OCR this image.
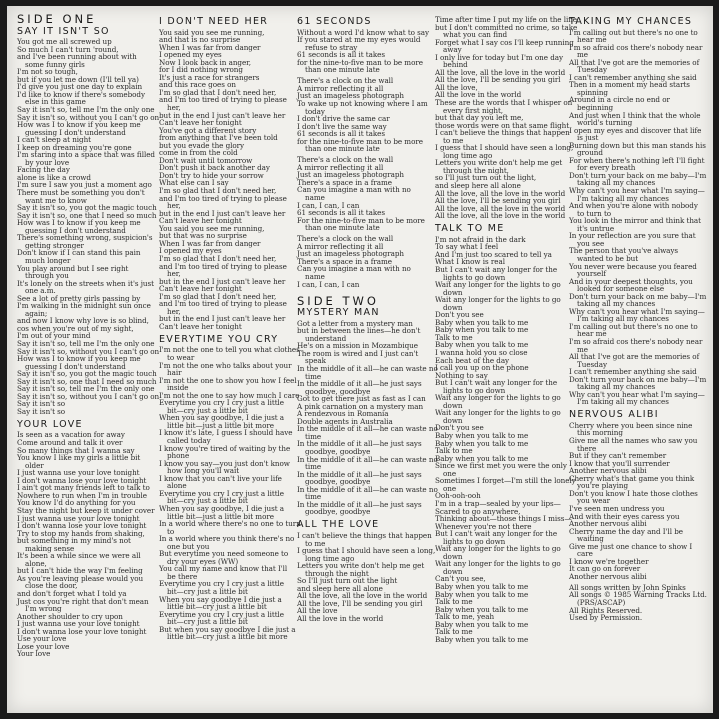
SIDE ONE
SAY IT ISN'T SO
You got me all screwed up
So much I can't turn 'round,
and I've been running about with
some funny girls
I'm not so tough,
but if you let me down (I'll tell ya)
I'd give you just one day to explain
I'd like to know if there's somebody
else in this game
Say it isn't so, tell me I'm the only one
Say it isn't so, without you I can't go on
How was I to know if you keep me
guessing I don't understand
I can't sleep at night
I keep on dreaming you're gone
I'm staring into a space that was filled
by your love
Facing the day
alone is like a crowd
I'm sure I saw you just a moment ago
There must be something you don't
want me to know
Say it isn't so, you got the magic touch
Say it isn't so, one that I need so much
How was I to know if you keep me
guessing I don't understand
There's something wrong, suspicion's
getting stronger
Don't know if I can stand this pain
much longer
You play around but I see right
through you
It's lonely on the streets when it's just
one a.m.
See a lot of pretty girls passing by
I'm walking in the midnight sun once
again;
and now I know why love is so blind,
cos when you're out of my sight,
I'm out of your mind
Say it isn't so, tell me I'm the only one
Say it isn't so, without you I can't go on
How was I to know if you keep me
guessing I don't understand
Say it isn't so, you got the magic touch
Say it isn't so, one that I need so much
Say it isn't so, tell me I'm the only one
Say it isn't so, without you I can't go on
Say it isn't so
Say it isn't so
YOUR LOVE
Is seen as a vacation for away
Come around and talk it over
So many things that I wanna say
You know I like my girls a little bit
older
I just wanna use your love tonight
I don't wanna lose your love tonight
I ain't got many friends left to talk to
Nowhere to run when I'm in trouble
You know I'd do anything for you
Stay the night but keep it under cover
I just wanna use your love tonight
I don't wanna lose your love tonight
Try to stop my hands from shaking,
but something in my mind's not
making sense
It's been a while since we were all
alone,
but I can't hide the way I'm feeling
As you're leaving please would you
close the door,
and don't forget what I told ya
Just cos you're right that don't mean
I'm wrong
Another shoulder to cry upon
I just wanna use your love tonight
I don't wanna lose your love tonight
Use your love
Lose your love
Your love
I DON'T NEED HER
You said you see me running,
and that is no surprise
When I was far from danger
I opened my eyes
Now I look back in anger,
for I did nothing wrong
It's just a race for strangers
and this race goes on
I'm so glad that I don't need her,
and I'm too tired of trying to please
her,
but in the end I just can't leave her
Can't leave her tonight
You've got a different story
from anything that I've been told
but you evade the glory
come in from the cold
Don't wait until tomorrow
Don't push it back another day
Don't try to hide your sorrow
What else can I say
I'm so glad that I don't need her,
and I'm too tired of trying to please
her,
but in the end I just can't leave her
Can't leave her tonight
You said you see me running,
but that was no surprise
When I was far from danger
I opened my eyes
I'm so glad that I don't need her,
and I'm too tired of trying to please
her,
but in the end I just can't leave her
Can't leave her tonight
I'm so glad that I don't need her,
and I'm too tired of trying to please
her,
but in the end I just can't leave her
Can't leave her tonight
EVERYTIME YOU CRY
I'm not the one to tell you what clothes
to wear
I'm not the one who talks about your
hair
I'm not the one to show you how I feel
inside
I'm not the one to say how much I care
Everytime you cry I cry just a little
bit—cry just a little bit
When you say goodbye, I die just a
little bit—just a little bit more
I know it's late, I guess I should have
called today
I know you're tired of waiting by the
phone
I know you say—you just don't know
how long you'll wait
I know that you can't live your life
alone
Everytime you cry I cry just a little
bit—cry just a little bit
When you say goodbye, I die just a
little bit—just a little bit more
In a world where there's no one to turn
to
In a world where you think there's no
one but you
But everytime you need someone to
dry your eyes (WW)
You call my name and know that I'll
be there
Everytime you cry I cry just a little
bit—cry just a little bit
When you say goodbye I die just a
little bit—cry just a little bit
Everytime you cry I cry just a little
bit—cry just a little bit
But when you say goodbye I die just a
little bit—cry just a little bit more
61 SECONDS
Without a word I'd know what to say
If you stared at me my eyes would
refuse to stray
61 seconds is all it takes
for the nine-to-five man to be more
than one minute late
There's a clock on the wall
A mirror reflecting it all
Just an imageless photograph
To wake up not knowing where I am
today
I don't drive the same car
I don't live the same way
61 seconds is all it takes
for the nine-to-five man to be more
than one minute late
There's a clock on the wall
A mirror reflecting it all
Just an imageless photograph
There's a space in a frame
Can you imagine a man with no
name
I can, I can, I can
61 seconds is all it takes
For the nine-to-five man to be more
than one minute late
There's a clock on the wall
A mirror reflecting it all
Just an imageless photograph
There's a space in a frame
Can you imagine a man with no
name
I can, I can, I can
SIDE TWO
MYSTERY MAN
Got a letter from a mystery man
but in between the lines—he don't
understand
He's on a mission in Mozambique
The room is wired and I just can't
speak
In the middle of it all—he can waste no
time
In the middle of it all—he just says
goodbye, goodbye
Got to get there just as fast as I can
A pink carnation on a mystery man
A rendezvous in Romania
Double agents in Australia
In the middle of it all—he can waste no
time
In the middle of it all—he just says
goodbye, goodbye
In the middle of it all—he can waste no
time
In the middle of it all—he just says
goodbye, goodbye
In the middle of it all—he can waste no
time
In the middle of it all—he just says
goodbye, goodbye
ALL THE LOVE
I can't believe the things that happen
to me
I guess that I should have seen a long,
long time ago
Letters you write don't help me get
through the night
So I'll just turn out the light
and sleep here all alone
All the love, all the love in the world
All the love, I'll be sending you girl
All the love
All the love in the world
Time after time I put my life on the line
but I don't committed no crime, so take
what you can find
Forget what I say cos I'll keep running
away
I only live for today but I'm one day
behind
All the love, all the love in the world
All the love, I'll be sending you girl
All the love,
All the love in the world
These are the words that I whisper on
every first night,
but that day you left me,
those words were on that same flight
I can't believe the things that happen
to me
I guess that I should have seen a long,
long time ago
Letters you write don't help me get
through the night,
so I'll just turn out the light,
and sleep here all alone
All the love, all the love in the world
All the love, I'll be sending you girl
All the love, all the love in the world
All the love, all the love in the world
TALK TO ME
I'm not afraid in the dark
To say what I feel
And I'm just too scared to tell ya
What I know is real
But I can't wait any longer for the
lights to go down
Wait any longer for the lights to go
down
Wait any longer for the lights to go
down
Don't you see
Baby when you talk to me
Baby when you talk to me
Talk to me
Baby when you talk to me
I wanna hold you so close
Each beat of the day
I call you up on the phone
Nothing to say
But I can't wait any longer for the
lights to go down
Wait any longer for the lights to go
down
Wait any longer for the lights to go
down
Don't you see
Baby when you talk to me
Baby when you talk to me
Talk to me
Baby when you talk to me
Since we first met you were the only
one
Sometimes I forget—I'm still the lonely
one
Ooh-ooh-ooh
I'm in a trap—sealed by your lips—
Scared to go anywhere,
Thinking about—those things I miss—
Whenever you're not there
But I can't wait any longer for the
lights to go down
Wait any longer for the lights to go
down
Wait any longer for the lights to go
down
Can't you see,
Baby when you talk to me
Baby when you talk to me
Talk to me
Baby when you talk to me
Talk to me, yeah
Baby when you talk to me
Talk to me
Baby when you talk to me
TAKING MY CHANCES
I'm calling out but there's no one to
hear me
I'm so afraid cos there's nobody near
me
All that I've got are the memories of
Tuesday
I can't remember anything she said
Then in a moment my head starts
spinning
Around in a circle no end or
beginning
And just when I think that the whole
world's turning
I open my eyes and discover that life
is just
Burning down but this man stands his
ground
For when there's nothing left I'll fight
for every breath
Don't turn your back on me baby—I'm
taking all my chances
Why can't you hear what I'm saying—
I'm taking all my chances
And when you're alone with nobody
to turn to
You look in the mirror and think that
it's untrue
In your reflection are you sure that
you see
The person that you've always
wanted to be but
You never were because you feared
yourself
And in your deepest thoughts, you
looked for someone else
Don't turn your back on me baby—I'm
taking all my chances
Why can't you hear what I'm saying—
I'm taking all my chances
I'm calling out but there's no one to
hear me
I'm so afraid cos there's nobody near
me
All that I've got are the memories of
Tuesday
I can't remember anything she said
Don't turn your back on me baby—I'm
taking all my chances
Why can't you hear what I'm saying—
I'm taking all my chances
NERVOUS ALIBI
Cherry where you been since nine
this morning
Give me all the names who saw you
there
But if they can't remember
I know that you'll surrender
Another nervous alibi
Cherry what's that game you think
you're playing
Don't you know I hate those clothes
you wear
I've seen men undress you
And with their eyes caress you
Another nervous alibi
Cherry name the day and I'll be
waiting
Give me just one chance to show I
care
I know we're together
It can go on forever
Another nervous alibi
All songs written by John Spinks
All songs © 1985 Warning Tracks Ltd.
(PRS/ASCAP)
All Rights Reserved.
Used by Permission.
